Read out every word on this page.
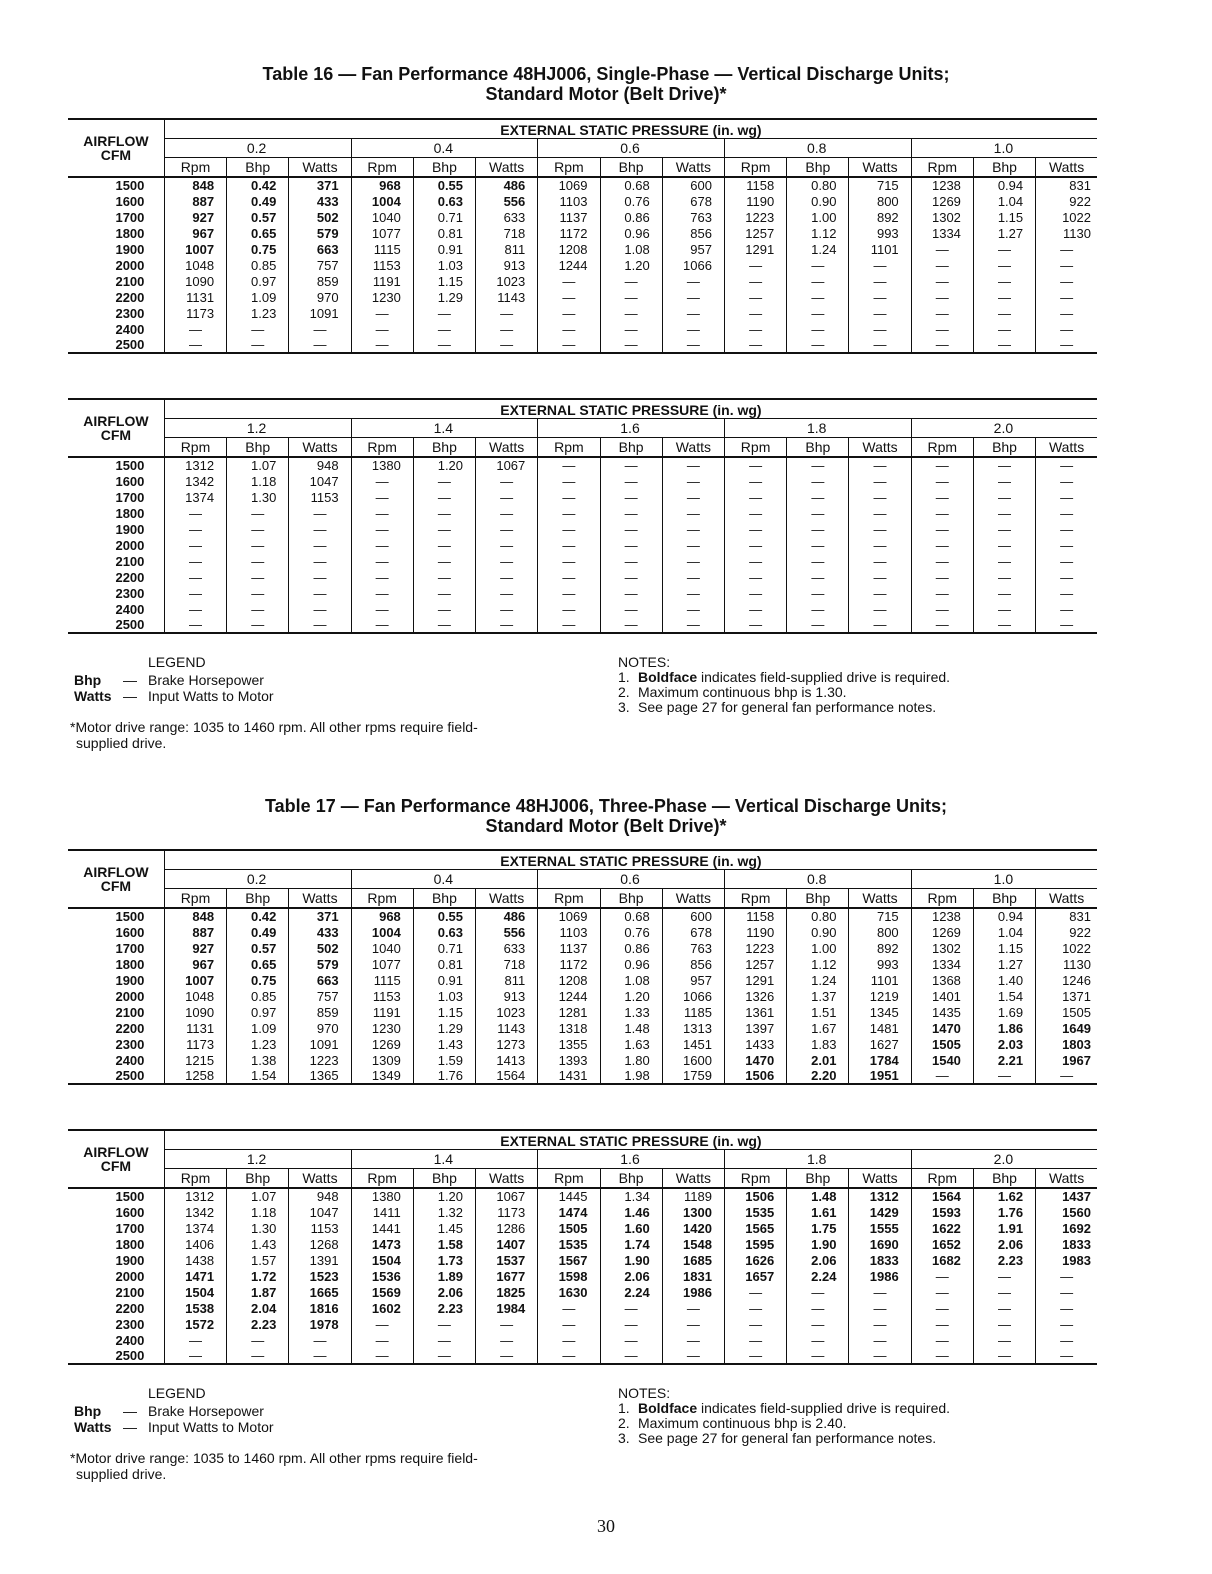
Table 16 — Fan Performance 48HJ006, Single-Phase — Vertical Discharge Units;
Standard Motor (Belt Drive)*
AIRFLOW
CFM	EXTERNAL STATIC PRESSURE (in. wg)														
	0.2			0.4			0.6			0.8			1.0		
	Rpm	Bhp	Watts	Rpm	Bhp	Watts	Rpm	Bhp	Watts	Rpm	Bhp	Watts	Rpm	Bhp	Watts
1500	848	0.42	371	968	0.55	486	1069	0.68	600	1158	0.80	715	1238	0.94	831
1600	887	0.49	433	1004	0.63	556	1103	0.76	678	1190	0.90	800	1269	1.04	922
1700	927	0.57	502	1040	0.71	633	1137	0.86	763	1223	1.00	892	1302	1.15	1022
1800	967	0.65	579	1077	0.81	718	1172	0.96	856	1257	1.12	993	1334	1.27	1130
1900	1007	0.75	663	1115	0.91	811	1208	1.08	957	1291	1.24	1101	—	—	—
2000	1048	0.85	757	1153	1.03	913	1244	1.20	1066	—	—	—	—	—	—
2100	1090	0.97	859	1191	1.15	1023	—	—	—	—	—	—	—	—	—
2200	1131	1.09	970	1230	1.29	1143	—	—	—	—	—	—	—	—	—
2300	1173	1.23	1091	—	—	—	—	—	—	—	—	—	—	—	—
2400	—	—	—	—	—	—	—	—	—	—	—	—	—	—	—
2500	—	—	—	—	—	—	—	—	—	—	—	—	—	—	—
AIRFLOW
CFM	EXTERNAL STATIC PRESSURE (in. wg)														
	1.2			1.4			1.6			1.8			2.0		
	Rpm	Bhp	Watts	Rpm	Bhp	Watts	Rpm	Bhp	Watts	Rpm	Bhp	Watts	Rpm	Bhp	Watts
1500	1312	1.07	948	1380	1.20	1067	—	—	—	—	—	—	—	—	—
1600	1342	1.18	1047	—	—	—	—	—	—	—	—	—	—	—	—
1700	1374	1.30	1153	—	—	—	—	—	—	—	—	—	—	—	—
1800	—	—	—	—	—	—	—	—	—	—	—	—	—	—	—
1900	—	—	—	—	—	—	—	—	—	—	—	—	—	—	—
2000	—	—	—	—	—	—	—	—	—	—	—	—	—	—	—
2100	—	—	—	—	—	—	—	—	—	—	—	—	—	—	—
2200	—	—	—	—	—	—	—	—	—	—	—	—	—	—	—
2300	—	—	—	—	—	—	—	—	—	—	—	—	—	—	—
2400	—	—	—	—	—	—	—	—	—	—	—	—	—	—	—
2500	—	—	—	—	—	—	—	—	—	—	—	—	—	—	—
LEGEND
Bhp	— Brake Horsepower
Watts — Input Watts to Motor
*Motor drive range: 1035 to 1460 rpm. All other rpms require field-
supplied drive.
NOTES:
1. Boldface indicates field-supplied drive is required.
2. Maximum continuous bhp is 1.30.
3. See page 27 for general fan performance notes.
Table 17 — Fan Performance 48HJ006, Three-Phase — Vertical Discharge Units;
Standard Motor (Belt Drive)*
AIRFLOW
CFM	EXTERNAL STATIC PRESSURE (in. wg)														
	0.2			0.4			0.6			0.8			1.0		
	Rpm	Bhp	Watts	Rpm	Bhp	Watts	Rpm	Bhp	Watts	Rpm	Bhp	Watts	Rpm	Bhp	Watts
1500	848	0.42	371	968	0.55	486	1069	0.68	600	1158	0.80	715	1238	0.94	831
1600	887	0.49	433	1004	0.63	556	1103	0.76	678	1190	0.90	800	1269	1.04	922
1700	927	0.57	502	1040	0.71	633	1137	0.86	763	1223	1.00	892	1302	1.15	1022
1800	967	0.65	579	1077	0.81	718	1172	0.96	856	1257	1.12	993	1334	1.27	1130
1900	1007	0.75	663	1115	0.91	811	1208	1.08	957	1291	1.24	1101	1368	1.40	1246
2000	1048	0.85	757	1153	1.03	913	1244	1.20	1066	1326	1.37	1219	1401	1.54	1371
2100	1090	0.97	859	1191	1.15	1023	1281	1.33	1185	1361	1.51	1345	1435	1.69	1505
2200	1131	1.09	970	1230	1.29	1143	1318	1.48	1313	1397	1.67	1481	1470	1.86	1649
2300	1173	1.23	1091	1269	1.43	1273	1355	1.63	1451	1433	1.83	1627	1505	2.03	1803
2400	1215	1.38	1223	1309	1.59	1413	1393	1.80	1600	1470	2.01	1784	1540	2.21	1967
2500	1258	1.54	1365	1349	1.76	1564	1431	1.98	1759	1506	2.20	1951	—	—	—
AIRFLOW
CFM	EXTERNAL STATIC PRESSURE (in. wg)														
	1.2			1.4			1.6			1.8			2.0		
	Rpm	Bhp	Watts	Rpm	Bhp	Watts	Rpm	Bhp	Watts	Rpm	Bhp	Watts	Rpm	Bhp	Watts
1500	1312	1.07	948	1380	1.20	1067	1445	1.34	1189	1506	1.48	1312	1564	1.62	1437
1600	1342	1.18	1047	1411	1.32	1173	1474	1.46	1300	1535	1.61	1429	1593	1.76	1560
1700	1374	1.30	1153	1441	1.45	1286	1505	1.60	1420	1565	1.75	1555	1622	1.91	1692
1800	1406	1.43	1268	1473	1.58	1407	1535	1.74	1548	1595	1.90	1690	1652	2.06	1833
1900	1438	1.57	1391	1504	1.73	1537	1567	1.90	1685	1626	2.06	1833	1682	2.23	1983
2000	1471	1.72	1523	1536	1.89	1677	1598	2.06	1831	1657	2.24	1986	—	—	—
2100	1504	1.87	1665	1569	2.06	1825	1630	2.24	1986	—	—	—	—	—	—
2200	1538	2.04	1816	1602	2.23	1984	—	—	—	—	—	—	—	—	—
2300	1572	2.23	1978	—	—	—	—	—	—	—	—	—	—	—	—
2400	—	—	—	—	—	—	—	—	—	—	—	—	—	—	—
2500	—	—	—	—	—	—	—	—	—	—	—	—	—	—	—
LEGEND
Bhp	— Brake Horsepower
Watts — Input Watts to Motor
*Motor drive range: 1035 to 1460 rpm. All other rpms require field-
supplied drive.
NOTES:
1. Boldface indicates field-supplied drive is required.
2. Maximum continuous bhp is 2.40.
3. See page 27 for general fan performance notes.
30
